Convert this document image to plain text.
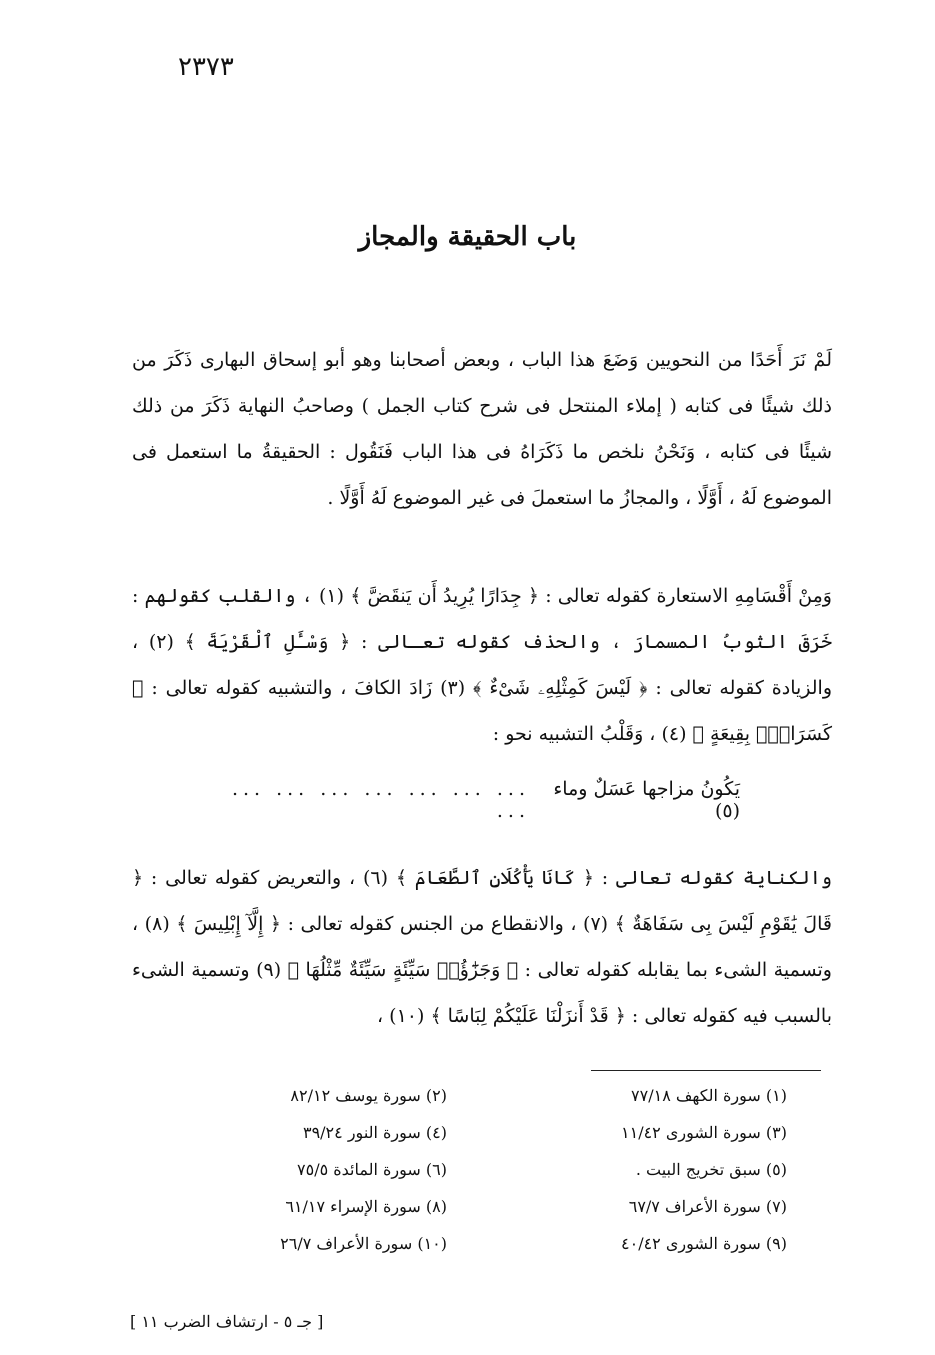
٢٣٧٣
باب الحقيقة والمجاز

لَمْ نَرَ أَحَدًا من النحويين وَضَعَ هذا الباب ، وبعض أصحابنا وهو أبو إسحاق البهارى ذَكَرَ من ذلك شيئًا فى كتابه ( إملاء المنتحل فى شرح كتاب الجمل ) وصاحبُ النهاية ذَكَرَ من ذلك شيئًا فى كتابه ، وَنَحْنُ نلخص ما ذَكَرَاهُ فى هذا الباب فَنَقُول : الحقيقةُ ما استعمل فى الموضوع لَهُ ، أَوَّلًا ، والمجازُ ما استعملَ فى غير الموضوع لَهُ أَوَّلًا .

وَمِنْ أَقْسَامِهِ الاستعارة كقوله تعالى : ﴿ جِدَارًا يُرِيدُ أَن يَنقَضَّ ﴾ (١) ، والقلب كقولهم : خَرَقَ الثوبُ المسمارَ ، والحذف كقوله تعـالى : ﴿ وَسْـَٔلِ ٱلْقَرْيَةَ ﴾ (٢) ، والزيادة كقوله تعالى : ﴿ لَيْسَ كَمِثْلِهِۦ شَىْءٌ ﴾ (٣) زَادَ الكافَ ، والتشبيه كقوله تعالى : ﴿ كَسَرَابٍۭ بِقِيعَةٍ ﴾ (٤) ، وَقَلْبُ التشبيه نحو :

يَكُونُ مزاجها عَسَلٌ وماء (٥)
... ... ... ... ... ... ... ...

والكناية كقوله تعالى : ﴿ كَانَا يَأْكُلَانِ ٱلطَّعَامَ ﴾ (٦) ، والتعريض كقوله تعالى : ﴿ قَالَ يَٰقَوْمِ لَيْسَ بِى سَفَاهَةٌ ﴾ (٧) ، والانقطاع من الجنس كقوله تعالى : ﴿ إِلَّآ إِبْلِيسَ ﴾ (٨) ، وتسمية الشىء بما يقابله كقوله تعالى : ﴿ وَجَزَٰٓؤُا۟ سَيِّئَةٍ سَيِّئَةٌ مِّثْلُهَا ﴾ (٩) وتسمية الشىء بالسبب فيه كقوله تعالى : ﴿ قَدْ أَنزَلْنَا عَلَيْكُمْ لِبَاسًا ﴾ (١٠) ،

(١) سورة الكهف ٧٧/١٨
(٢) سورة يوسف ٨٢/١٢
(٣) سورة الشورى ١١/٤٢
(٤) سورة النور ٣٩/٢٤
(٥) سبق تخريج البيت .
(٦) سورة المائدة ٧٥/٥
(٧) سورة الأعراف ٦٧/٧
(٨) سورة الإسراء ٦١/١٧
(٩) سورة الشورى ٤٠/٤٢
(١٠) سورة الأعراف ٢٦/٧
[ جـ ٥ - ارتشاف الضرب ١١ ]
